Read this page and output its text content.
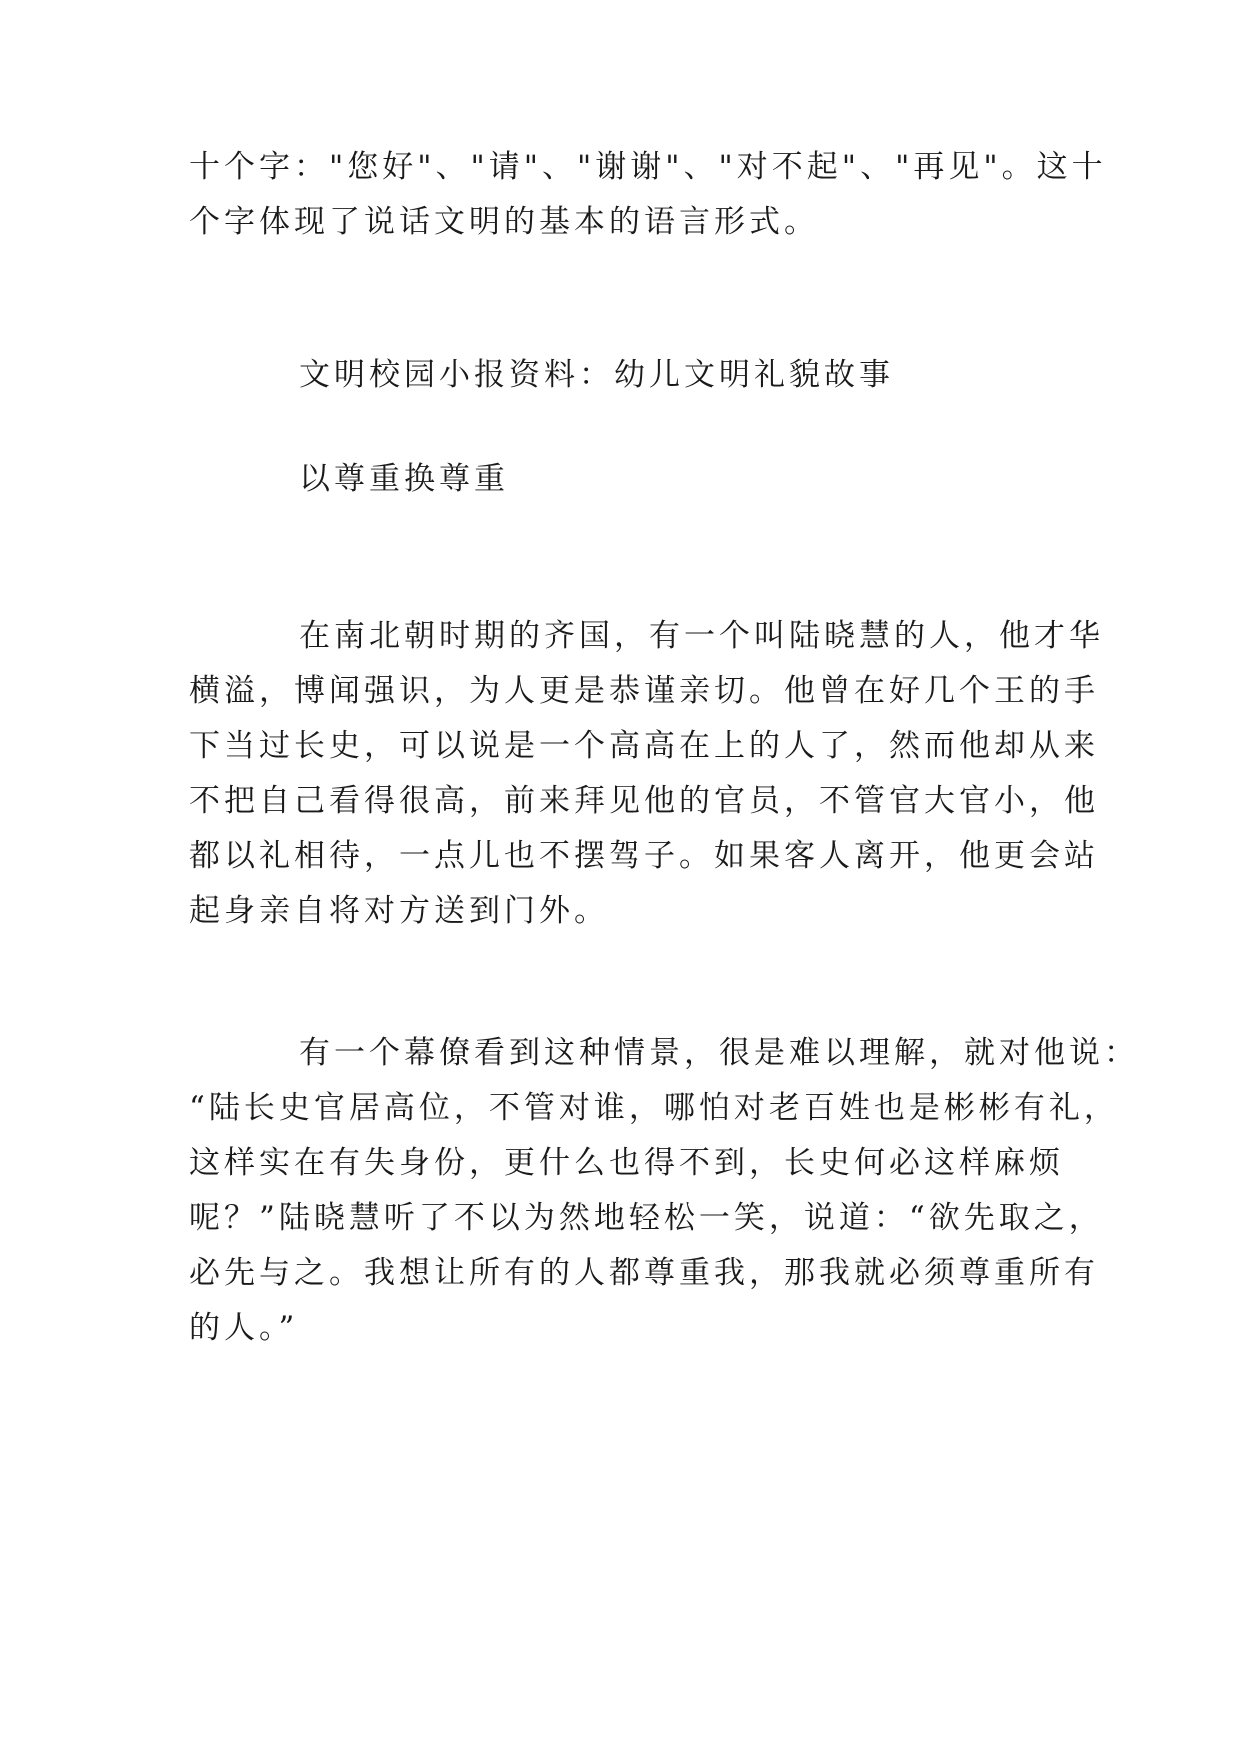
十个字："您好"、"请"、"谢谢"、"对不起"、"再见"。这十
个字体现了说话文明的基本的语言形式。
文明校园小报资料：幼儿文明礼貌故事
以尊重换尊重
在南北朝时期的齐国，有一个叫陆晓慧的人，他才华
横溢，博闻强识，为人更是恭谨亲切。他曾在好几个王的手
下当过长史，可以说是一个高高在上的人了，然而他却从来
不把自己看得很高，前来拜见他的官员，不管官大官小，他
都以礼相待，一点儿也不摆驾子。如果客人离开，他更会站
起身亲自将对方送到门外。
有一个幕僚看到这种情景，很是难以理解，就对他说：
“陆长史官居高位，不管对谁，哪怕对老百姓也是彬彬有礼，
这样实在有失身份，更什么也得不到，长史何必这样麻烦
呢？”陆晓慧听了不以为然地轻松一笑，说道：“欲先取之，
必先与之。我想让所有的人都尊重我，那我就必须尊重所有
的人。”
